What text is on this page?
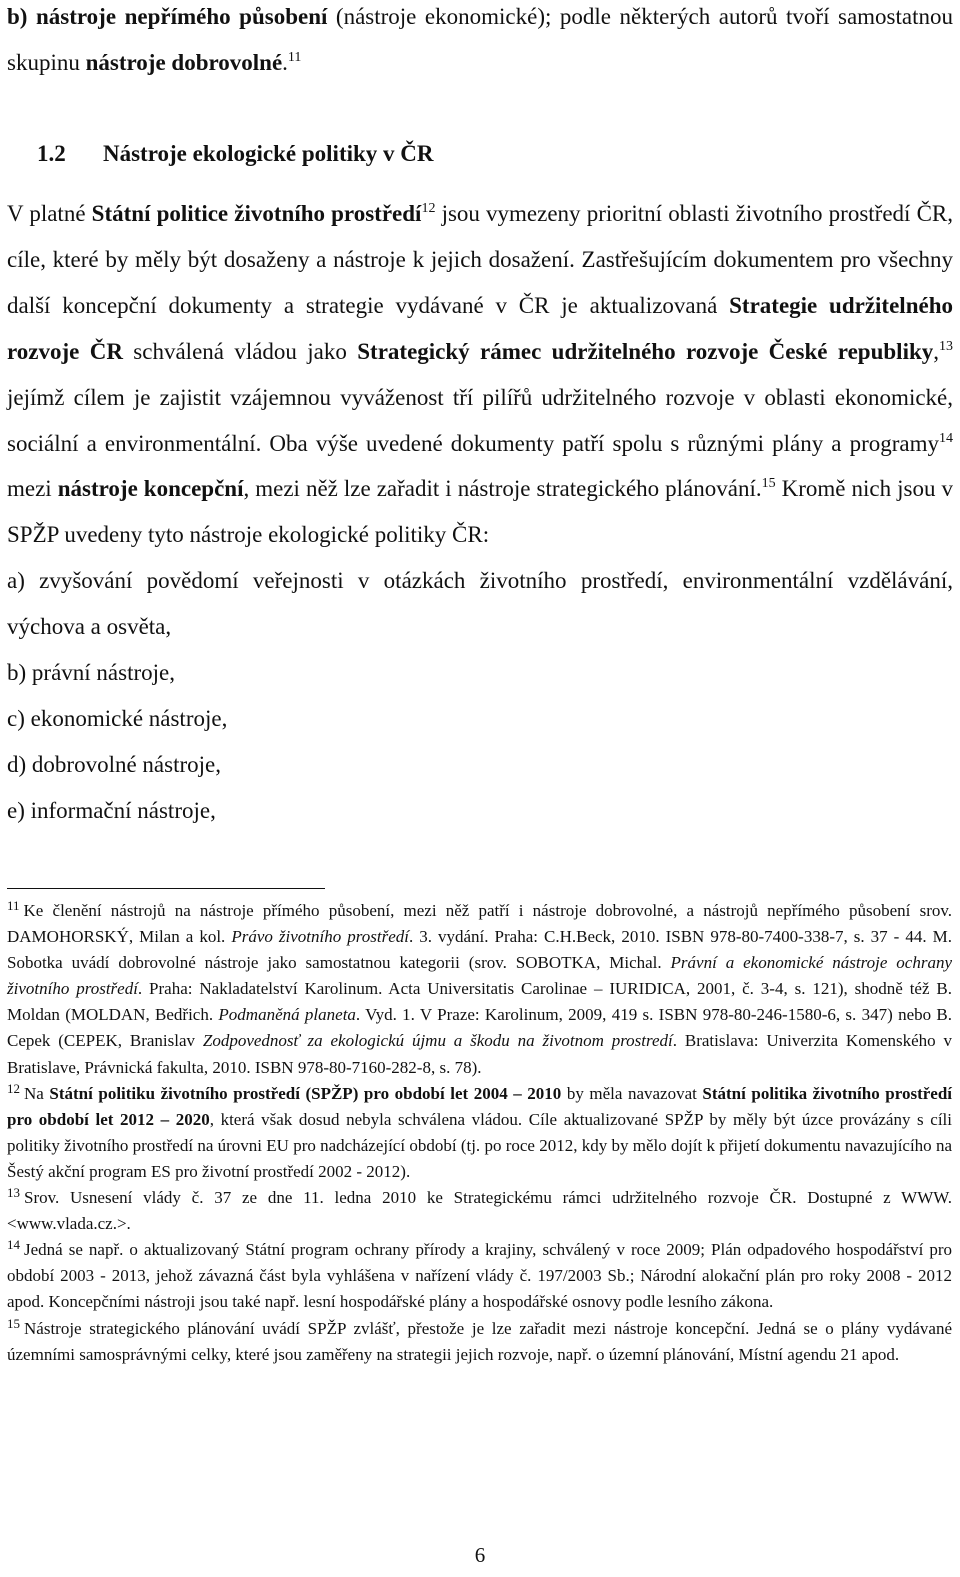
b) nástroje nepřímého působení (nástroje ekonomické); podle některých autorů tvoří samostatnou skupinu nástroje dobrovolné.$^{11}$

1.2 Nástroje ekologické politiky v ČR

V platné Státní politice životního prostředí$^{12}$ jsou vymezeny prioritní oblasti životního prostředí ČR, cíle, které by měly být dosaženy a nástroje k jejich dosažení. Zastřešujícím dokumentem pro všechny další koncepční dokumenty a strategie vydávané v ČR je aktualizovaná Strategie udržitelného rozvoje ČR schválená vládou jako Strategický rámec udržitelného rozvoje České republiky,$^{13}$ jejímž cílem je zajistit vzájemnou vyváženost tří pilířů udržitelného rozvoje v oblasti ekonomické, sociální a environmentální. Oba výše uvedené dokumenty patří spolu s různými plány a programy$^{14}$ mezi nástroje koncepční, mezi něž lze zařadit i nástroje strategického plánování.$^{15}$ Kromě nich jsou v SPŽP uvedeny tyto nástroje ekologické politiky ČR:

a) zvyšování povědomí veřejnosti v otázkách životního prostředí, environmentální vzdělávání, výchova a osvěta,

b) právní nástroje,

c) ekonomické nástroje,

d) dobrovolné nástroje,

e) informační nástroje,

$^{11}$ Ke členění nástrojů na nástroje přímého působení, mezi něž patří i nástroje dobrovolné, a nástrojů nepřímého působení srov. DAMOHORSKÝ, Milan a kol. Právo životního prostředí. 3. vydání. Praha: C.H.Beck, 2010. ISBN 978-80-7400-338-7, s. 37 - 44. M. Sobotka uvádí dobrovolné nástroje jako samostatnou kategorii (srov. SOBOTKA, Michal. Právní a ekonomické nástroje ochrany životního prostředí. Praha: Nakladatelství Karolinum. Acta Universitatis Carolinae – IURIDICA, 2001, č. 3-4, s. 121), shodně též B. Moldan (MOLDAN, Bedřich. Podmaněná planeta. Vyd. 1. V Praze: Karolinum, 2009, 419 s. ISBN 978-80-246-1580-6, s. 347) nebo B. Cepek (CEPEK, Branislav Zodpovednosť za ekologickú újmu a škodu na životnom prostredí. Bratislava: Univerzita Komenského v Bratislave, Právnická fakulta, 2010. ISBN 978-80-7160-282-8, s. 78).

$^{12}$ Na Státní politiku životního prostředí (SPŽP) pro období let 2004 – 2010 by měla navazovat Státní politika životního prostředí pro období let 2012 – 2020, která však dosud nebyla schválena vládou. Cíle aktualizované SPŽP by měly být úzce provázány s cíli politiky životního prostředí na úrovni EU pro nadcházející období (tj. po roce 2012, kdy by mělo dojít k přijetí dokumentu navazujícího na Šestý akční program ES pro životní prostředí 2002 - 2012).

$^{13}$ Srov. Usnesení vlády č. 37 ze dne 11. ledna 2010 ke Strategickému rámci udržitelného rozvoje ČR. Dostupné z WWW. <www.vlada.cz.>.

$^{14}$ Jedná se např. o aktualizovaný Státní program ochrany přírody a krajiny, schválený v roce 2009; Plán odpadového hospodářství pro období 2003 - 2013, jehož závazná část byla vyhlášena v nařízení vlády č. 197/2003 Sb.; Národní alokační plán pro roky 2008 - 2012 apod. Koncepčními nástroji jsou také např. lesní hospodářské plány a hospodářské osnovy podle lesního zákona.

$^{15}$ Nástroje strategického plánování uvádí SPŽP zvlášť, přestože je lze zařadit mezi nástroje koncepční. Jedná se o plány vydávané územními samosprávnými celky, které jsou zaměřeny na strategii jejich rozvoje, např. o územní plánování, Místní agendu 21 apod.

6
